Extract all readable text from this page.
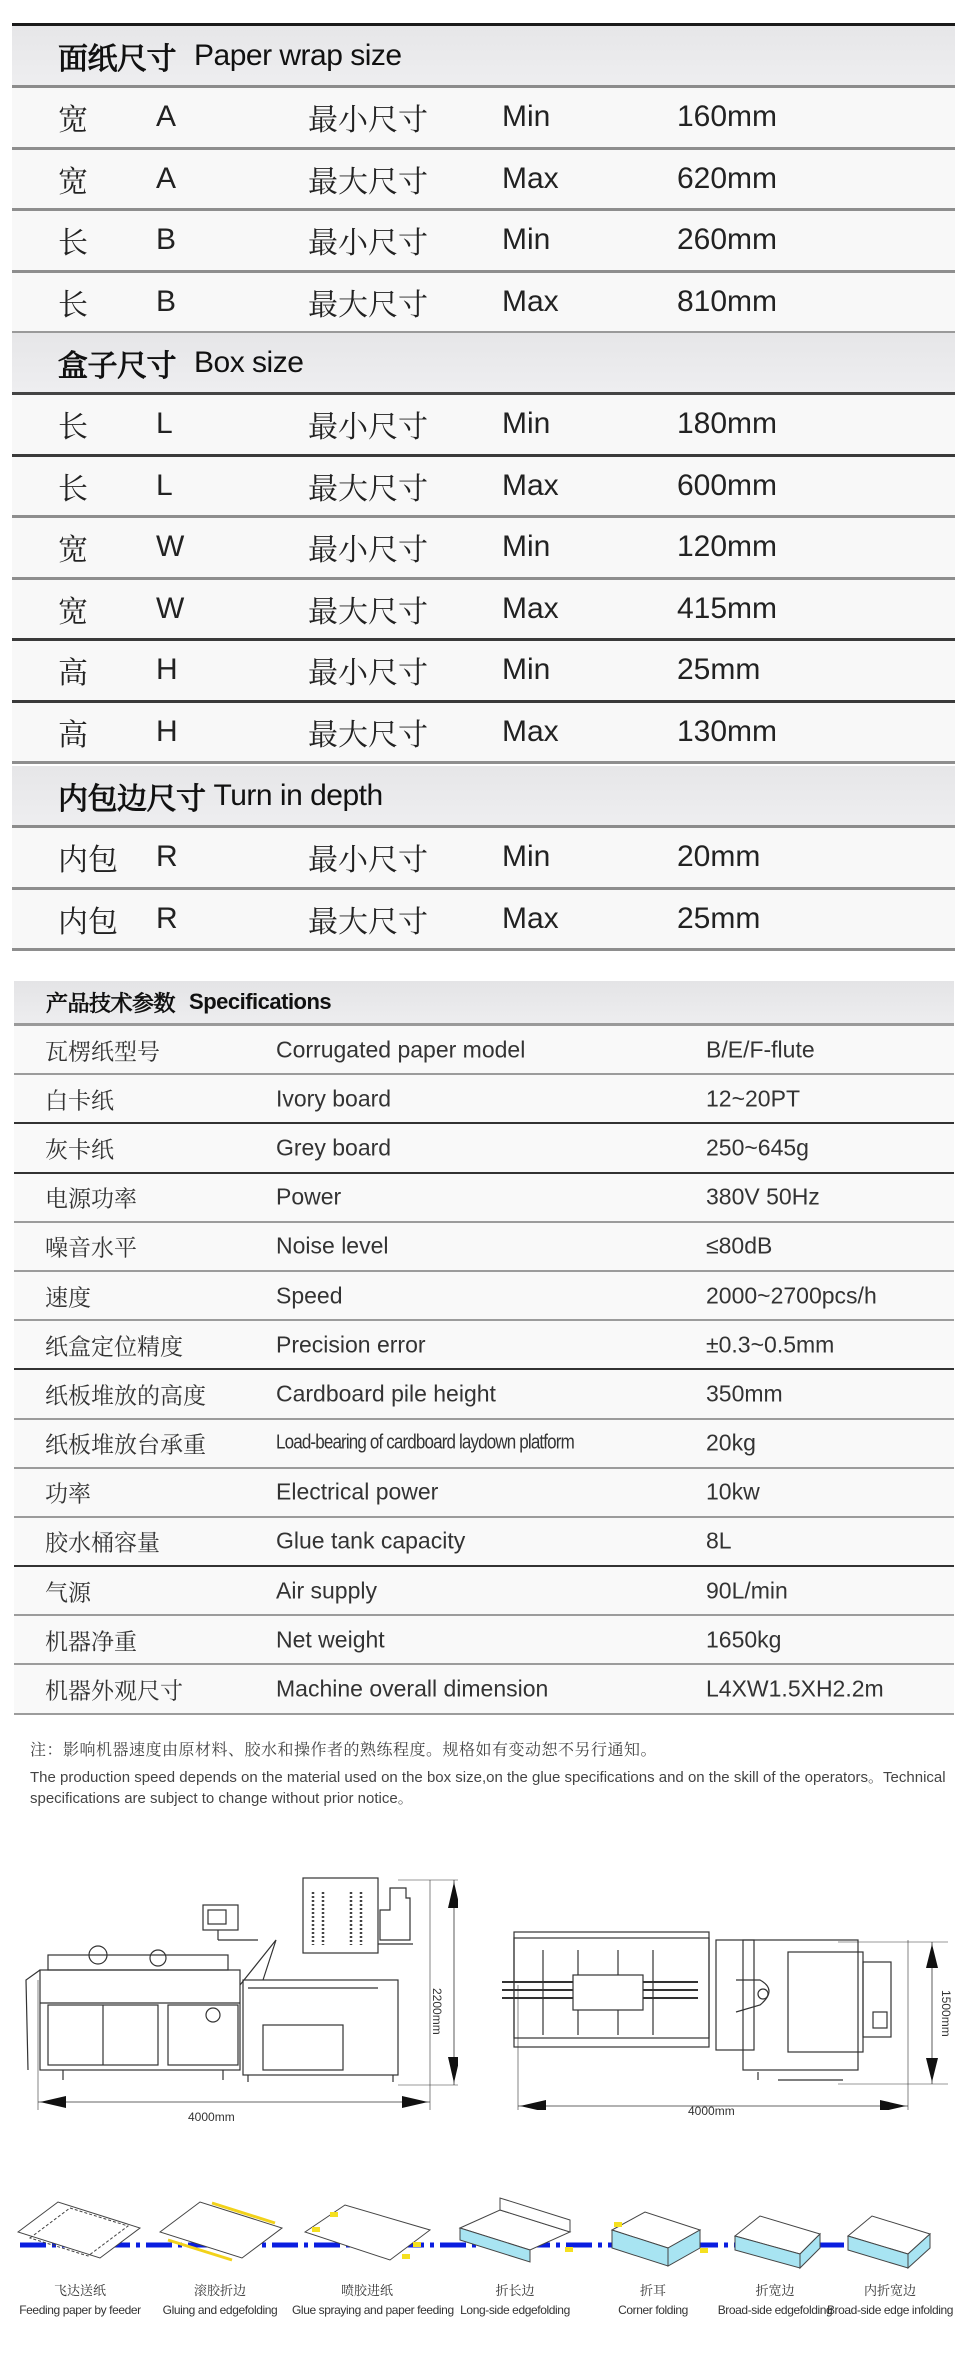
面纸尺寸 Paper wrap size
宽 A	最小尺寸 Min	160mm
宽 A	最大尺寸 Max	620mm
长 B	最小尺寸 Min	260mm
长 B	最大尺寸 Max	810mm
盒子尺寸 Box size
长 L	最小尺寸 Min	180mm
长 L	最大尺寸 Max	600mm
宽 W	最小尺寸 Min	120mm
宽 W	最大尺寸 Max	415mm
高 H	最小尺寸 Min	25mm
高 H	最大尺寸 Max	130mm
内包边尺寸 Turn in depth
内包 R	最小尺寸 Min	20mm
内包 R	最大尺寸 Max	25mm
产品技术参数 Specifications
瓦楞纸型号	Corrugated paper model	B/E/F-flute
白卡纸	Ivory board	12~20PT
灰卡纸	Grey board	250~645g
电源功率	Power	380V 50Hz
噪音水平	Noise level	≤80dB
速度	Speed	2000~2700pcs/h
纸盒定位精度	Precision error	±0.3~0.5mm
纸板堆放的高度	Cardboard pile height	350mm
纸板堆放台承重	Load-bearing of cardboard laydown platform	20kg
功率	Electrical power	10kw
胶水桶容量	Glue tank capacity	8L
气源	Air supply	90L/min
机器净重	Net weight	1650kg
机器外观尺寸	Machine overall dimension	L4XW1.5XH2.2m
注：影响机器速度由原材料、胶水和操作者的熟练程度。规格如有变动恕不另行通知。
The production speed depends on the material used on the box size,on the glue specifications and on the skill of the operators。Technical specifications are subject to change without prior notice。
4000mm
2200mm
4000mm
1500mm
飞达送纸
Feeding paper by feeder
滚胶折边
Gluing and edgefolding
喷胶进纸
Glue spraying and paper feeding
折长边
Long-side edgefolding
折耳
Corner folding
折宽边
Broad-side edgefolding
内折宽边
Broad-side edge infolding
